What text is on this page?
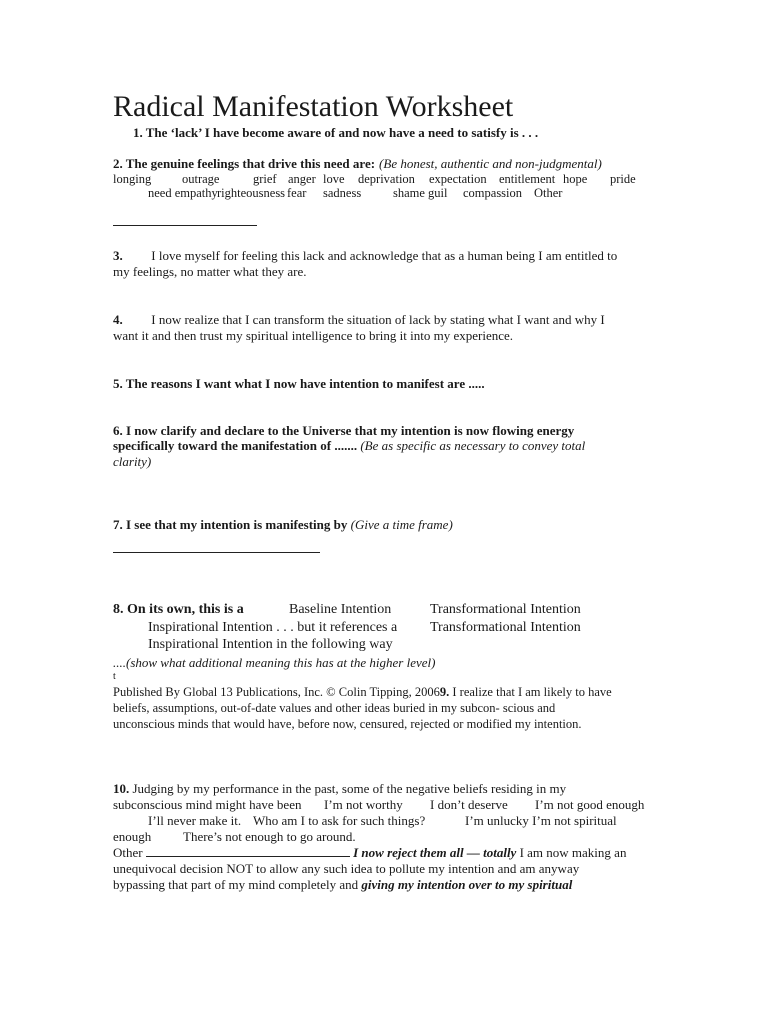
Radical Manifestation Worksheet
1. The ‘lack’ I have become aware of and now have a need to satisfy is . . .
2. The genuine feelings that drive this need are: (Be honest, authentic and non-judgmental)
longing outrage	grief anger love deprivation expectation entitlement hope pride
need empathy righteousness fear sadness	shame guil compassion Other
3. I love myself for feeling this lack and acknowledge that as a human being I am entitled to
my feelings, no matter what they are.
4. I now realize that I can transform the situation of lack by stating what I want and why I
want it and then trust my spiritual intelligence to bring it into my experience.
5. The reasons I want what I now have intention to manifest are .....
6. I now clarify and declare to the Universe that my intention is now flowing energy
specifically toward the manifestation of ....... (Be as specific as necessary to convey total
clarity)
7. I see that my intention is manifesting by (Give a time frame)
8. On its own, this is a	Baseline Intention	Transformational Intention
Inspirational Intention . . . but it references a Transformational Intention
Inspirational Intention in the following way
....(show what additional meaning this has at the higher level)
t
Published By Global 13 Publications, Inc. © Colin Tipping, 20069. I realize that I am likely to have
beliefs, assumptions, out-of-date values and other ideas buried in my subcon- scious and
unconscious minds that would have, before now, censured, rejected or modified my intention.
10. Judging by my performance in the past, some of the negative beliefs residing in my
subconscious mind might have been I’m not worthy I don’t deserve I’m not good enough
I’ll never make it. Who am I to ask for such things?	I’m unlucky I’m not spiritual
enough There’s not enough to go around.
Other	I now reject them all — totally I am now making an
unequivocal decision NOT to allow any such idea to pollute my intention and am anyway
bypassing that part of my mind completely and giving my intention over to my spiritual
